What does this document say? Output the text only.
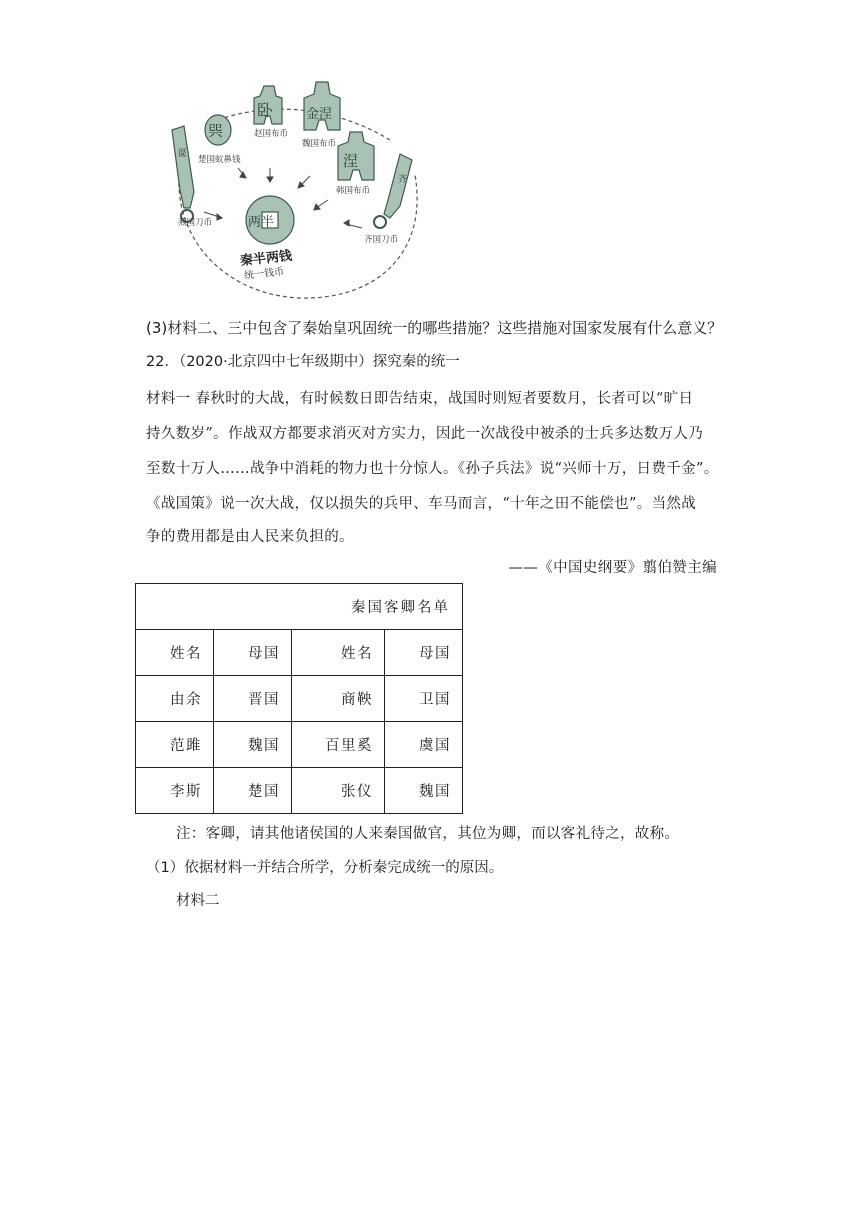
匽
燕国刀币
巺
楚国蚁鼻钱
卧
赵国布币
金涅
魏国布币
涅
韩国布币
齐
齐国刀币
两半
秦半两钱
统一钱币
(3)材料二、三中包含了秦始皇巩固统一的哪些措施？这些措施对国家发展有什么意义？
22．（2020·北京四中七年级期中）探究秦的统一
材料一 春秋时的大战，有时候数日即告结束，战国时则短者要数月，长者可以“旷日
持久数岁”。作战双方都要求消灭对方实力，因此一次战役中被杀的士兵多达数万人乃
至数十万人……战争中消耗的物力也十分惊人。《孙子兵法》说“兴师十万，日费千金”。
《战国策》说一次大战，仅以损失的兵甲、车马而言，“十年之田不能偿也”。当然战
争的费用都是由人民来负担的。
——《中国史纲要》翦伯赞主编
秦国客卿名单			
姓名	母国	姓名	母国
由余	晋国	商鞅	卫国
范雎	魏国	百里奚	虞国
李斯	楚国	张仪	魏国
注：客卿，请其他诸侯国的人来秦国做官，其位为卿，而以客礼待之，故称。
（1）依据材料一并结合所学，分析秦完成统一的原因。
材料二
